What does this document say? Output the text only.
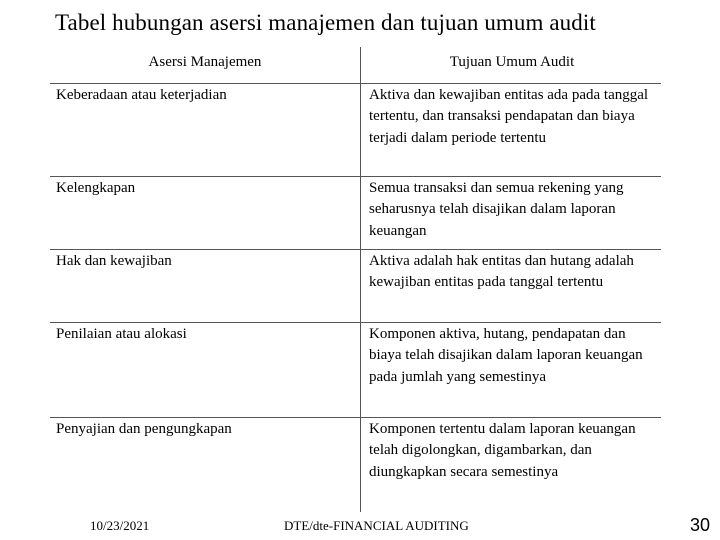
Tabel hubungan asersi manajemen dan tujuan umum audit
Asersi Manajemen	Tujuan Umum Audit
Keberadaan atau keterjadian	Aktiva dan kewajiban entitas ada pada tanggal tertentu, dan transaksi pendapatan dan biaya terjadi dalam periode tertentu
Kelengkapan	Semua transaksi dan semua rekening yang seharusnya telah disajikan dalam laporan keuangan
Hak dan kewajiban	Aktiva adalah hak entitas dan hutang adalah kewajiban entitas pada tanggal tertentu
Penilaian atau alokasi	Komponen aktiva, hutang, pendapatan dan biaya telah disajikan dalam laporan keuangan pada jumlah yang semestinya
Penyajian dan pengungkapan	Komponen tertentu dalam laporan keuangan telah digolongkan, digambarkan, dan diungkapkan secara semestinya
10/23/2021	DTE/dte-FINANCIAL AUDITING	30
